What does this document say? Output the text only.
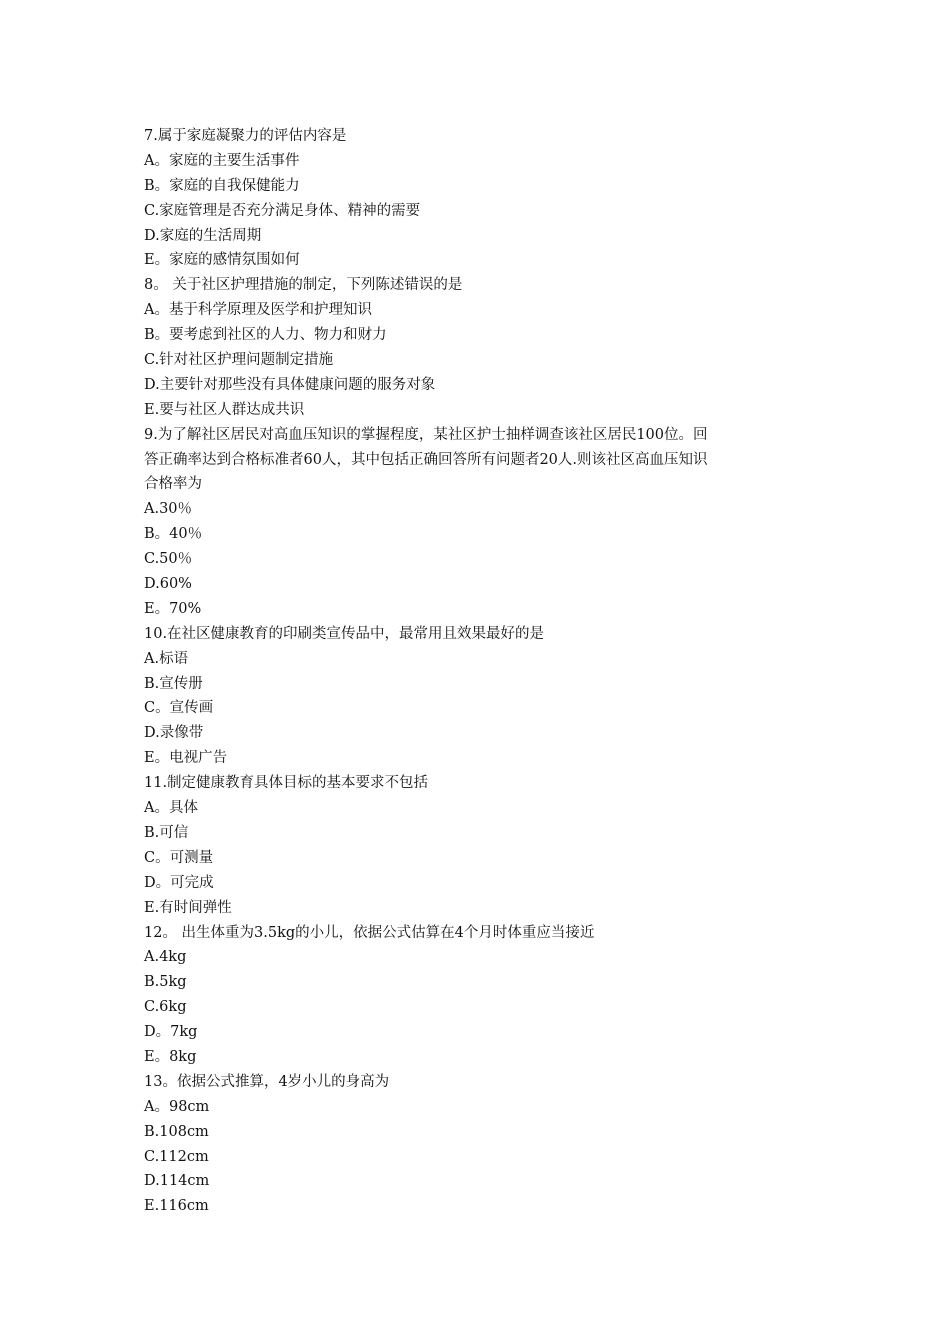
7.属于家庭凝聚力的评估内容是
A。家庭的主要生活事件
B。家庭的自我保健能力
C.家庭管理是否充分满足身体、精神的需要
D.家庭的生活周期
E。家庭的感情氛围如何
8。 关于社区护理措施的制定，下列陈述错误的是
A。基于科学原理及医学和护理知识
B。要考虑到社区的人力、物力和财力
C.针对社区护理问题制定措施
D.主要针对那些没有具体健康问题的服务对象
E.要与社区人群达成共识
9.为了解社区居民对高血压知识的掌握程度，某社区护士抽样调查该社区居民100位。回
答正确率达到合格标准者60人，其中包括正确回答所有问题者20人.则该社区高血压知识
合格率为
A.30％
B。40％
C.50％
D.60%
E。70%
10.在社区健康教育的印刷类宣传品中，最常用且效果最好的是
A.标语
B.宣传册
C。宣传画
D.录像带
E。电视广告
11.制定健康教育具体目标的基本要求不包括
A。具体
B.可信
C。可测量
D。可完成
E.有时间弹性
12。 出生体重为3.5kg的小儿，依据公式估算在4个月时体重应当接近
A.4kg
B.5kg
C.6kg
D。7kg
E。8kg
13。依据公式推算，4岁小儿的身高为
A。98cm
B.108cm
C.112cm
D.114cm
E.116cm
